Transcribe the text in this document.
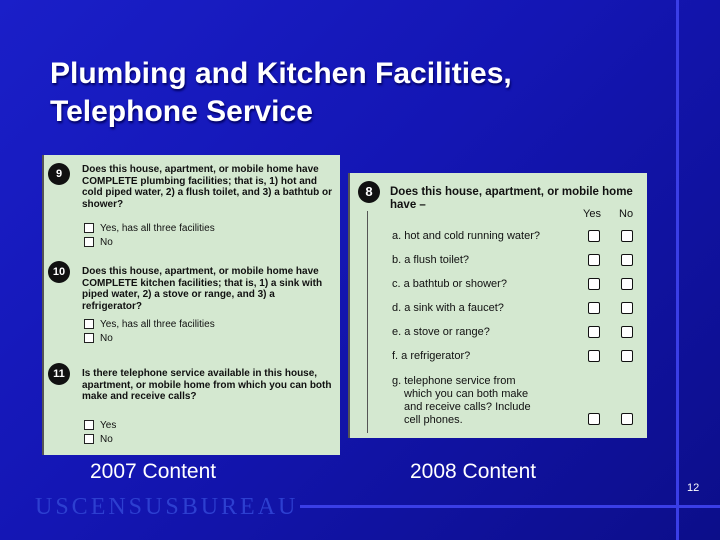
Plumbing and Kitchen Facilities,
Telephone Service
9	Does this house, apartment, or mobile home have COMPLETE plumbing facilities; that is, 1) hot and cold piped water, 2) a flush toilet, and 3) a bathtub or shower?
Yes, has all three facilities
No
10	Does this house, apartment, or mobile home have COMPLETE kitchen facilities; that is, 1) a sink with piped water, 2) a stove or range, and 3) a refrigerator?
Yes, has all three facilities
No
11	Is there telephone service available in this house, apartment, or mobile home from which you can both make and receive calls?
Yes
No
8	Does this house, apartment, or mobile home have –
Yes No
a. hot and cold running water?
b. a flush toilet?
c. a bathtub or shower?
d. a sink with a faucet?
e. a stove or range?
f. a refrigerator?
g. telephone service from
which you can both make
and receive calls? Include
cell phones.
2007 Content	2008 Content
USCENSUSBUREAU
12
